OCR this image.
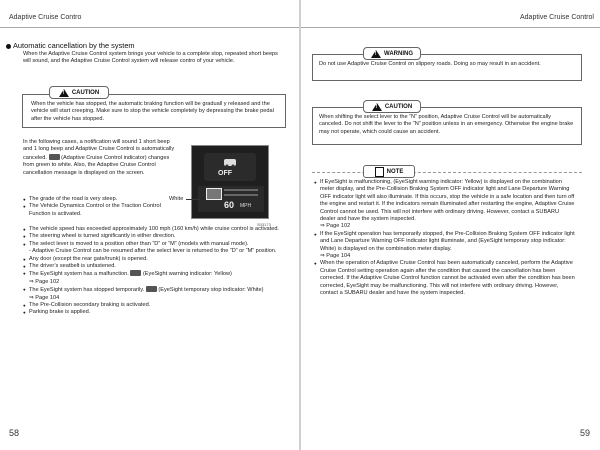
Adaptive Cruise Contro	Adaptive Cruise Control
Automatic cancellation by the system
When the Adaptive Cruise Control system brings your vehicle to a complete stop, repeated short beeps will sound, and the Adaptive Cruise Control system will release contro of your vehicle.
When the vehicle has stopped, the automatic braking function will be graduall y released and the vehicle will start creeping. Make sure to stop the vehicle completely by depressing the brake pedal after the vehicle has stopped.
!
CAUTION
In the following cases, a notification will sound 1 short beep and 1 long beep and Adaptive Cruise Control is automatically canceled.	(Adaptive Cruise Control indicator) changes from green to white. Also, the Adaptive Cruise Control cancellation message is displayed on the screen.	OFF
60 MPH
White
S03173
● The grade of the road is very steep.
● The Vehicle Dynamics Control or the Traction Control Function is activated.
● The vehicle speed has exceeded approximately 100 mph (160 km/h) while cruise control is activated.
● The steering wheel is turned significantly in either direction.
● The select lever is moved to a position other than “D” or “M” (models with manual mode).
- Adaptive Cruise Control can be resumed after the select lever is returned to the “D” or “M” position.
● Any door (except the rear gate/trunk) is opened.
● The driver’s seatbelt is unfastened.
● The EyeSight system has a malfunction.	(EyeSight warning indicator: Yellow)
⇒ Page 102
● The EyeSight system has stopped temporarily.	(EyeSight temporary stop indicator: White)
⇒ Page 104
● The Pre-Collision secondary braking is activated.
● Parking brake is applied.
58
Do not use Adaptive Cruise Control on slippery roads. Doing so may result in an accident.
!
WARNING
When shifting the select lever to the “N” position, Adaptive Cruise Control will be automatically canceled. Do not shift the lever to the “N” position unless in an emergency. Otherwise the engine brake may not operate, which could cause an accident.
!
CAUTION
NOTE
● If EyeSight is malfunctioning, (EyeSight warning indicator: Yellow) is displayed on the combination meter display, and the Pre-Collision Braking System OFF indicator light and Lane Departure Warning OFF indicator light will also illuminate. If this occurs, stop the vehicle in a safe location and then turn off the engine and restart it. If the indicators remain illuminated after restarting the engine, Adaptive Cruise Control cannot be used. This will not interfere with ordinary driving. However, contact a SUBARU dealer and have the system inspected.
⇒ Page 102
● If the EyeSight operation has temporarily stopped, the Pre-Collision Braking System OFF indicator light and Lane Departure Warning OFF indicator light illuminate, and (EyeSight temporary stop indicator: White) is displayed on the combination meter display.
⇒ Page 104
● When the operation of Adaptive Cruise Control has been automatically canceled, perform the Adaptive Cruise Control setting operation again after the condition that caused the cancellation has been corrected. If the Adaptive Cruise Control function cannot be activated even after the condition has been corrected, EyeSight may be malfunctioning. This will not interfere with ordinary driving. However, contact a SUBARU dealer and have the system inspected.
59
